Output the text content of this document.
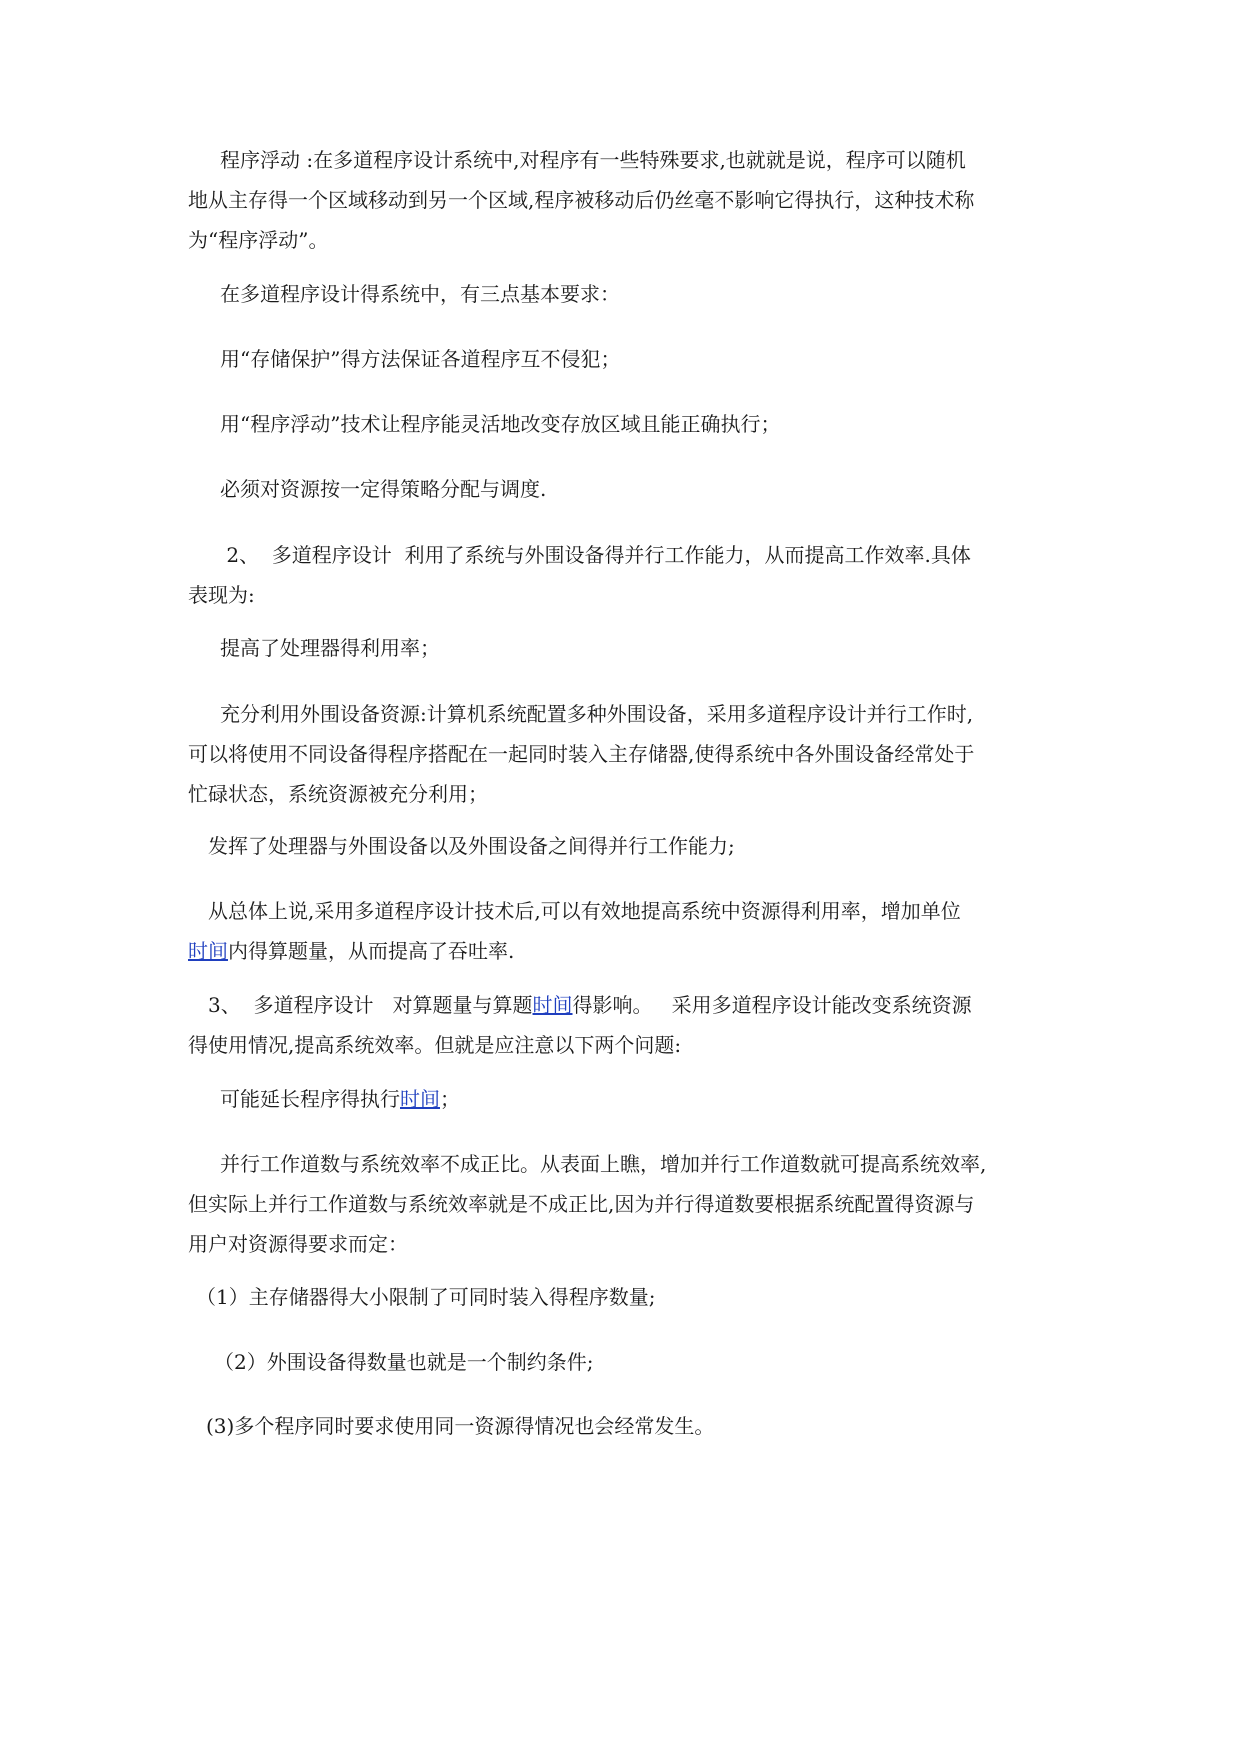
程序浮动 :在多道程序设计系统中,对程序有一些特殊要求,也就就是说，程序可以随机
地从主存得一个区域移动到另一个区域,程序被移动后仍丝毫不影响它得执行，这种技术称
为“程序浮动”。
在多道程序设计得系统中，有三点基本要求：
用“存储保护”得方法保证各道程序互不侵犯；
用“程序浮动”技术让程序能灵活地改变存放区域且能正确执行；
必须对资源按一定得策略分配与调度.
2、  多道程序设计  利用了系统与外围设备得并行工作能力，从而提高工作效率.具体
表现为:
提高了处理器得利用率；
充分利用外围设备资源:计算机系统配置多种外围设备，采用多道程序设计并行工作时,
可以将使用不同设备得程序搭配在一起同时装入主存储器,使得系统中各外围设备经常处于
忙碌状态，系统资源被充分利用；
发挥了处理器与外围设备以及外围设备之间得并行工作能力;
从总体上说,采用多道程序设计技术后,可以有效地提高系统中资源得利用率，增加单位
时间内得算题量，从而提高了吞吐率.
3、  多道程序设计   对算题量与算题时间得影响。   采用多道程序设计能改变系统资源
得使用情况,提高系统效率。但就是应注意以下两个问题:
可能延长程序得执行时间；
并行工作道数与系统效率不成正比。从表面上瞧，增加并行工作道数就可提高系统效率,
但实际上并行工作道数与系统效率就是不成正比,因为并行得道数要根据系统配置得资源与
用户对资源得要求而定：
（1）主存储器得大小限制了可同时装入得程序数量;
（2）外围设备得数量也就是一个制约条件;
(3)多个程序同时要求使用同一资源得情况也会经常发生。
